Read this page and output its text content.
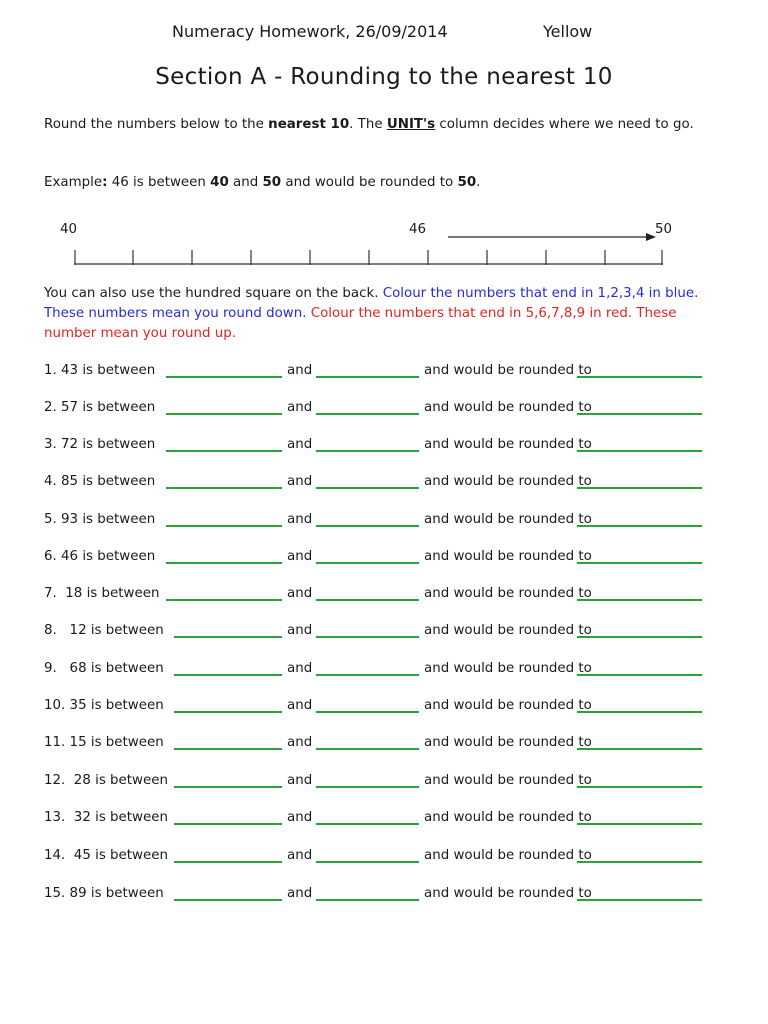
Numeracy Homework, 26/09/2014	Yellow
Section A - Rounding to the nearest 10
Round the numbers below to the nearest 10. The UNIT's column decides where we need to go.
Example: 46 is between 40 and 50 and would be rounded to 50.
40	46	50
You can also use the hundred square on the back. Colour the numbers that end in 1,2,3,4 in blue. These numbers mean you round down. Colour the numbers that end in 5,6,7,8,9 in red. These number mean you round up.
1. 43 is between	and	and would be rounded to
2. 57 is between	and	and would be rounded to
3. 72 is between	and	and would be rounded to
4. 85 is between	and	and would be rounded to
5. 93 is between	and	and would be rounded to
6. 46 is between	and	and would be rounded to
7.  18 is between	and	and would be rounded to
8.   12 is between	and	and would be rounded to
9.   68 is between	and	and would be rounded to
10. 35 is between	and	and would be rounded to
11. 15 is between	and	and would be rounded to
12.  28 is between	and	and would be rounded to
13.  32 is between	and	and would be rounded to
14.  45 is between	and	and would be rounded to
15. 89 is between	and	and would be rounded to
